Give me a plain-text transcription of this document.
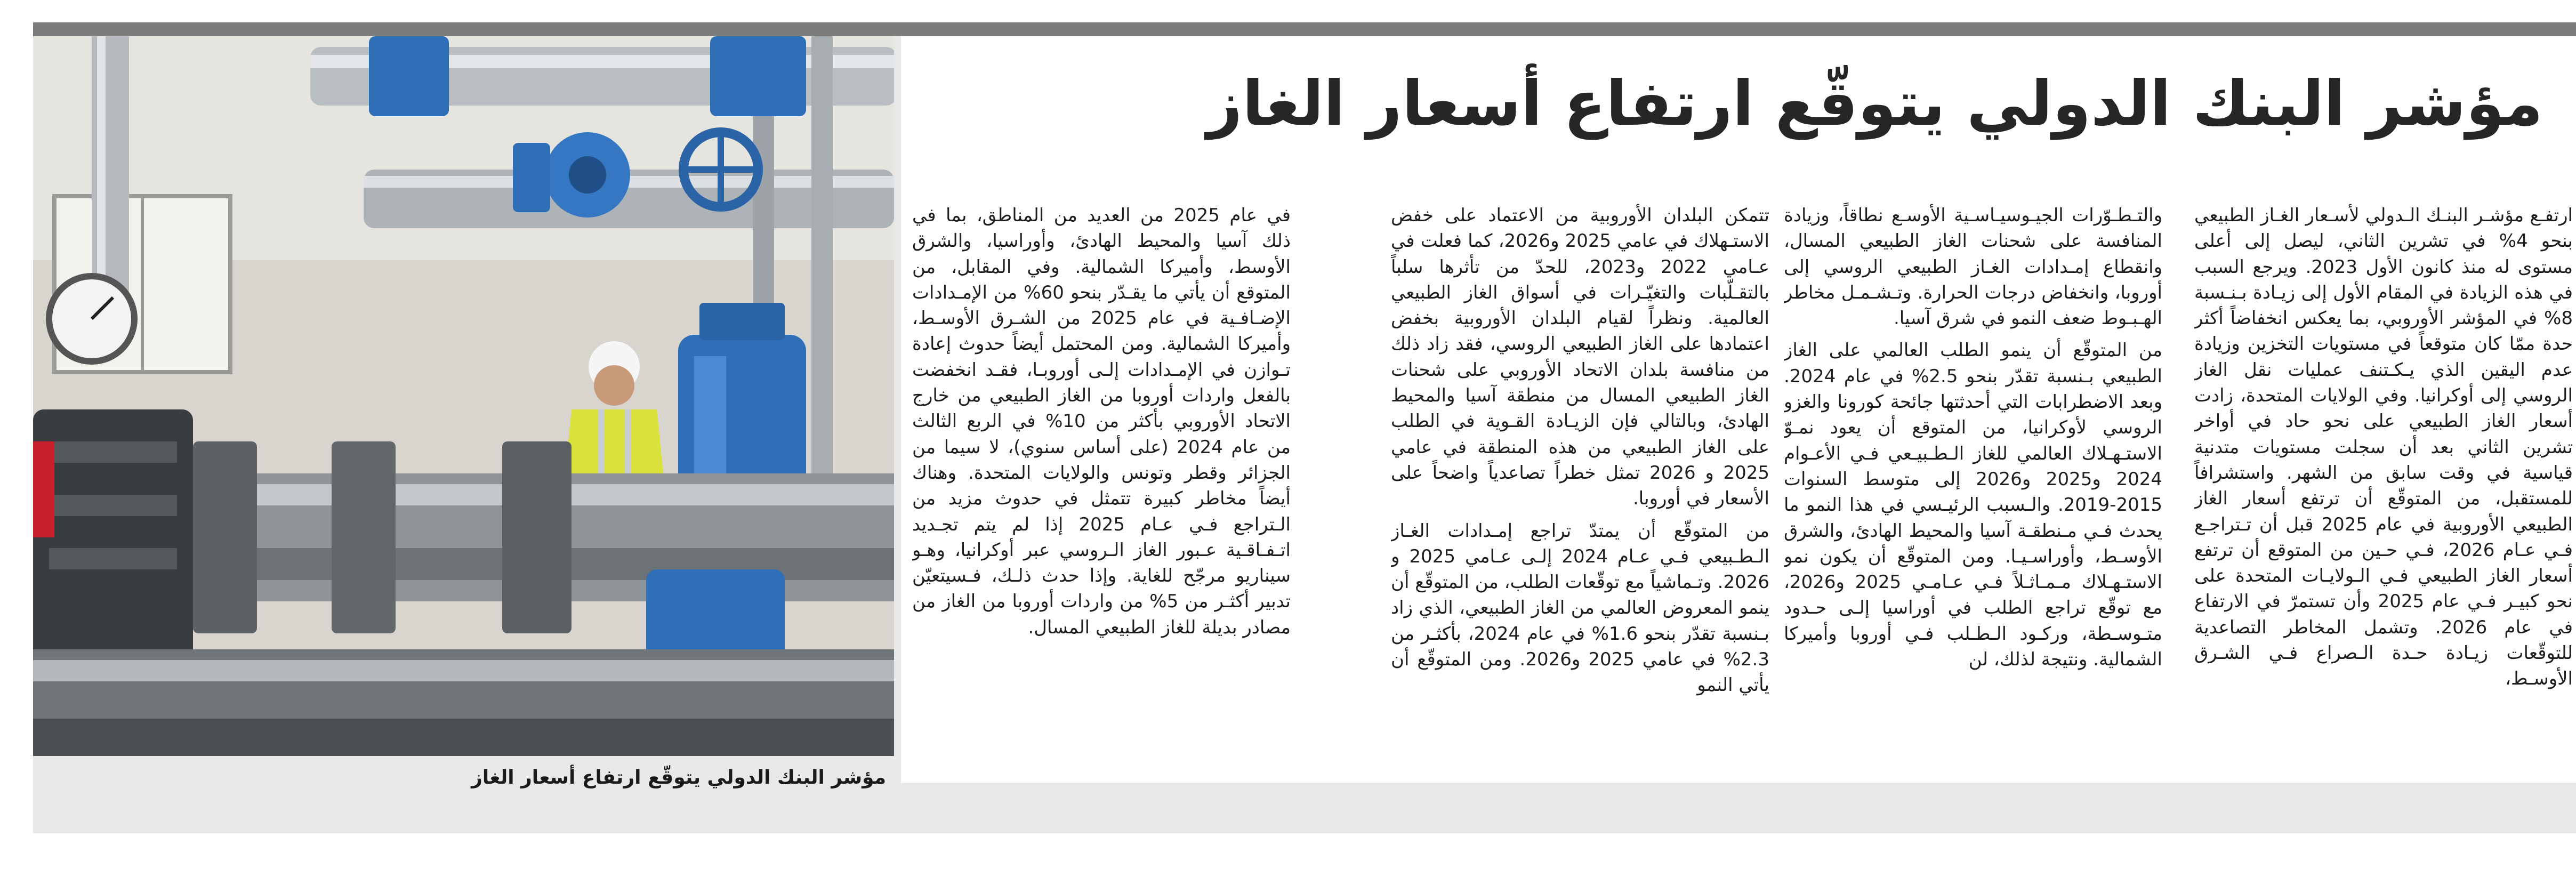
مؤشر البنك الدولي يتوقّع ارتفاع أسعار الغاز
مؤشر البنك الدولي يتوقّع ارتفاع أسعار الغاز

ارتفـع مؤشـر البنـك الـدولي لأسـعار الغـاز الطبيعي بنحو 4% في تشرين الثاني، ليصل إلى أعلى مستوى له منذ كانون الأول 2023. ويرجع السبب في هذه الزيادة في المقام الأول إلى زيـادة بـنـسبة 8% في المؤشر الأوروبي، بما يعكس انخفاضاً أكثر حدة ممّا كان متوقعاً في مستويات التخزين وزيادة عدم اليقين الذي يـكـتنف عمليات نقل الغاز الروسي إلى أوكرانيا. وفي الولايات المتحدة، زادت أسعار الغاز الطبيعي على نحو حاد في أواخر تشرين الثاني بعد أن سجلت مستويات متدنية قياسية في وقت سابق من الشهر. واستشرافاً للمستقبل، من المتوقّع أن ترتفع أسعار الغاز الطبيعي الأوروبية في عام 2025 قبل أن تـتراجـع فـي عـام 2026، فـي حـين من المتوقع أن ترتفع أسعار الغاز الطبيعي فـي الـولايـات المتحدة على نحو كبيـر فـي عام 2025 وأن تستمرّ في الارتفاع في عام 2026. وتشمل المخاطر التصاعدية للتوقّعات زيـادة حـدة الـصراع فـي الشـرق الأوسـط،

والتـطـوّرات الجيـوسيـاسـية الأوسـع نطاقاً، وزيادة المنافسة على شحنات الغاز الطبيعي المسال، وانقطاع إمـدادات الغـاز الطبيعي الروسي إلى أوروبا، وانخفاض درجات الحرارة. وتـشـمـل مخاطر الهـبـوط ضعف النمو في شرق آسيا.

من المتوقّع أن ينمو الطلب العالمي على الغاز الطبيعي بـنسبة تقدّر بنحو 2.5% في عام 2024. وبعد الاضطرابات التي أحدثتها جائحة كورونا والغزو الروسي لأوكرانيا، من المتوقع أن يعود نمـوّ الاستـهـلاك العالمي للغاز الـطـبيـعي فـي الأعـوام 2024 و2025 و2026 إلى متوسط السنوات 2015-2019. والـسبب الرئيـسي في هذا النمو ما يحدث فـي مـنطقـة آسيا والمحيط الهادئ، والشرق الأوسـط، وأوراسـيـا. ومن المتوقّع أن يكون نمو الاستـهـلاك مـمـاثـلاً فـي عـامـي 2025 و2026، مع توقّع تراجع الطلب في أوراسيا إلـى حـدود متـوسـطة، وركـود الـطـلب فـي أوروبا وأميركا الشمالية. ونتيجة لذلك، لن

تتمكن البلدان الأوروبية من الاعتماد على خفض الاستـهلاك في عامي 2025 و2026، كما فعلت في عـامي 2022 و2023، للحدّ من تأثرها سلباً بالتقـلّبات والتغيّـرات في أسواق الغاز الطبيعي العالمية. ونظراً لقيام البلدان الأوروبية بخفض اعتمادها على الغاز الطبيعي الروسي، فقد زاد ذلك من منافسة بلدان الاتحاد الأوروبي على شحنات الغاز الطبيعي المسال من منطقة آسيا والمحيط الهادئ، وبالتالي فإن الزيـادة القـوية في الطلب على الغاز الطبيعي من هذه المنطقة في عامي 2025 و 2026 تمثل خطراً تصاعدياً واضحاً على الأسعار في أوروبا.

من المتوقّع أن يمتدّ تراجع إمـدادات الغـاز الـطـبيعي فـي عـام 2024 إلـى عـامي 2025 و 2026. وتـماشياً مع توقّعات الطلب، من المتوقّع أن ينمو المعروض العالمي من الغاز الطبيعي، الذي زاد بـنسبة تقدّر بنحو 1.6% في عام 2024، بأكثـر من 2.3% في عامي 2025 و2026. ومن المتوقّع أن يأتي النمو

في عام 2025 من العديد من المناطق، بما في ذلك آسيا والمحيط الهادئ، وأوراسيا، والشرق الأوسط، وأميركا الشمالية. وفي المقابل، من المتوقع أن يأتي ما يقـدّر بنحو 60% من الإمـدادات الإضـافـية في عام 2025 من الشـرق الأوسـط، وأميركا الشمالية. ومن المحتمل أيضاً حدوث إعادة تـوازن في الإمـدادات إلـى أوروبـا، فقـد انخفضت بالفعل واردات أوروبا من الغاز الطبيعي من خارج الاتحاد الأوروبي بأكثر من 10% في الربع الثالث من عام 2024 (على أساس سنوي)، لا سيما من الجزائر وقطر وتونس والولايات المتحدة. وهناك أيضاً مخاطر كبيرة تتمثل في حدوث مزيد من الـتراجع فـي عـام 2025 إذا لم يتم تجـديد اتـفـاقـية عـبور الغاز الـروسي عبر أوكرانيا، وهـو سيناريو مرجّح للغاية. وإذا حدث ذلـك، فـسيتعيّن تدبير أكثـر من 5% من واردات أوروبا من الغاز من مصادر بديلة للغاز الطبيعي المسال.
